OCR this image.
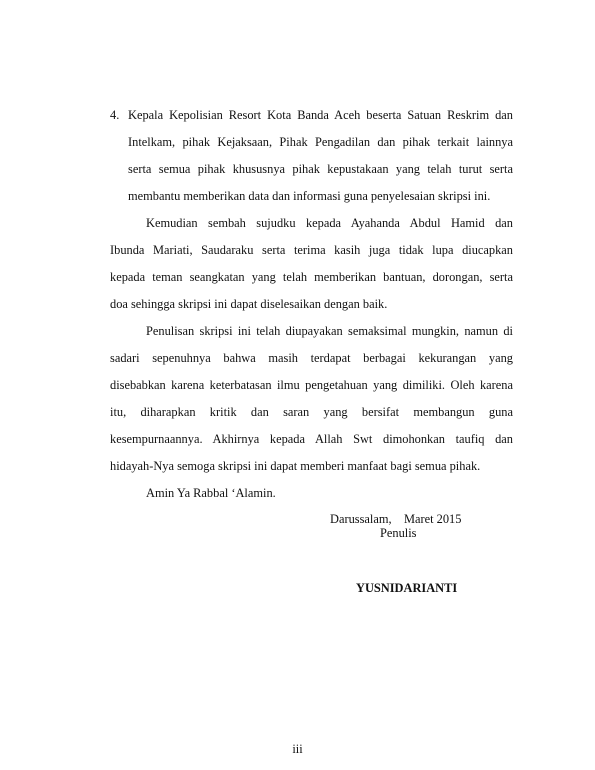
4. Kepala Kepolisian Resort Kota Banda Aceh beserta Satuan Reskrim dan
Intelkam, pihak Kejaksaan, Pihak Pengadilan dan pihak terkait lainnya
serta semua pihak khususnya pihak kepustakaan yang telah turut serta
membantu memberikan data dan informasi guna penyelesaian skripsi ini.
Kemudian sembah sujudku kepada Ayahanda Abdul Hamid dan
Ibunda Mariati, Saudaraku serta terima kasih juga tidak lupa diucapkan
kepada teman seangkatan yang telah memberikan bantuan, dorongan, serta
doa sehingga skripsi ini dapat diselesaikan dengan baik.
Penulisan skripsi ini telah diupayakan semaksimal mungkin, namun di
sadari sepenuhnya bahwa masih terdapat berbagai kekurangan yang
disebabkan karena keterbatasan ilmu pengetahuan yang dimiliki. Oleh karena
itu, diharapkan kritik dan saran yang bersifat membangun guna
kesempurnaannya. Akhirnya kepada Allah Swt dimohonkan taufiq dan
hidayah-Nya semoga skripsi ini dapat memberi manfaat bagi semua pihak.
Amin Ya Rabbal ‘Alamin.
Darussalam,    Maret 2015
Penulis
YUSNIDARIANTI
iii
